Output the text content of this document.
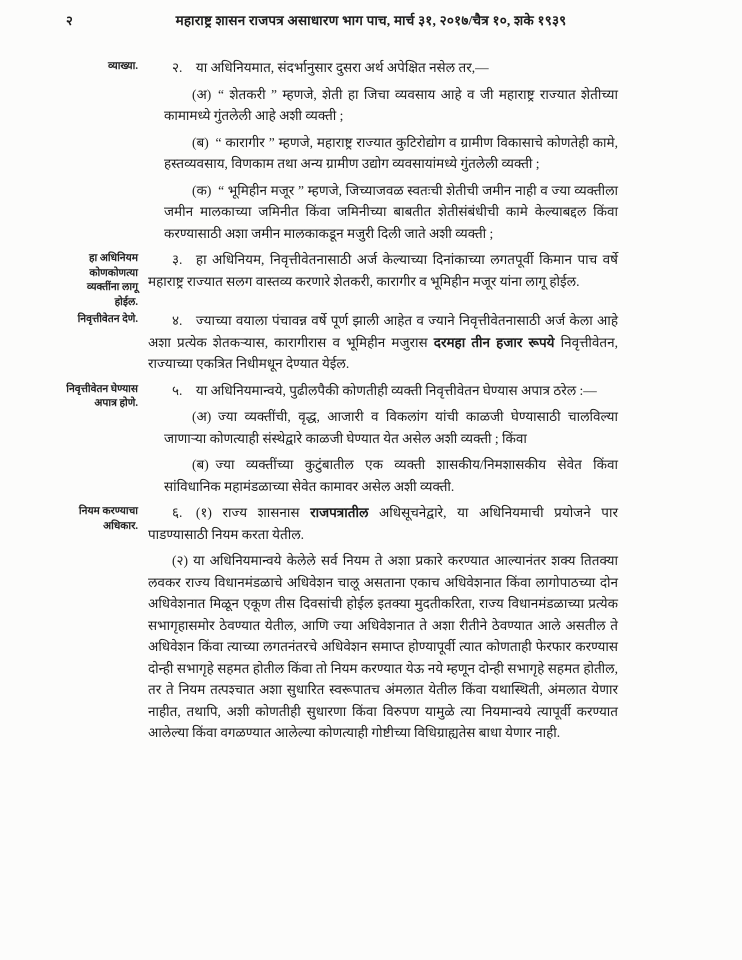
२	महाराष्ट्र शासन राजपत्र असाधारण भाग पाच, मार्च ३१, २०१७/चैत्र १०, शके १९३९
व्याख्या.	२. या अधिनियमात, संदर्भानुसार दुसरा अर्थ अपेक्षित नसेल तर,—
(अ) “ शेतकरी ” म्हणजे, शेती हा जिचा व्यवसाय आहे व जी महाराष्ट्र राज्यात शेतीच्या कामामध्ये गुंतलेली आहे अशी व्यक्ती ;
(ब) “ कारागीर ” म्हणजे, महाराष्ट्र राज्यात कुटिरोद्योग व ग्रामीण विकासाचे कोणतेही कामे, हस्तव्यवसाय, विणकाम तथा अन्य ग्रामीण उद्योग व्यवसायांमध्ये गुंतलेली व्यक्ती ;
(क) “ भूमिहीन मजूर ” म्हणजे, जिच्याजवळ स्वतःची शेतीची जमीन नाही व ज्या व्यक्तीला जमीन मालकाच्या जमिनीत किंवा जमिनीच्या बाबतीत शेतीसंबंधीची कामे केल्याबद्दल किंवा करण्यासाठी अशा जमीन मालकाकडून मजुरी दिली जाते अशी व्यक्ती ;
हा अधिनियम कोणकोणत्या व्यक्तींना लागू होईल.
३. हा अधिनियम, निवृत्तीवेतनासाठी अर्ज केल्याच्या दिनांकाच्या लगतपूर्वी किमान पाच वर्षे महाराष्ट्र राज्यात सलग वास्तव्य करणारे शेतकरी, कारागीर व भूमिहीन मजूर यांना लागू होईल.
निवृत्तीवेतन देणे.	४. ज्याच्या वयाला पंचावन्न वर्षे पूर्ण झाली आहेत व ज्याने निवृत्तीवेतनासाठी अर्ज केला आहे अशा प्रत्येक शेतकऱ्यास, कारागीरास व भूमिहीन मजुरास दरमहा तीन हजार रूपये निवृत्तीवेतन, राज्याच्या एकत्रित निधीमधून देण्यात येईल.
निवृत्तीवेतन घेण्यास अपात्र होणे.
५. या अधिनियमान्वये, पुढीलपैकी कोणतीही व्यक्ती निवृत्तीवेतन घेण्यास अपात्र ठरेल :—
(अ) ज्या व्यक्तींची, वृद्ध, आजारी व विकलांग यांची काळजी घेण्यासाठी चालविल्या जाणाऱ्या कोणत्याही संस्थेद्वारे काळजी घेण्यात येत असेल अशी व्यक्ती ; किंवा
(ब) ज्या व्यक्तींच्या कुटुंबातील एक व्यक्ती शासकीय/निमशासकीय सेवेत किंवा सांविधानिक महामंडळाच्या सेवेत कामावर असेल अशी व्यक्ती.
नियम करण्याचा अधिकार.
६. (१) राज्य शासनास राजपत्रातील अधिसूचनेद्वारे, या अधिनियमाची प्रयोजने पार पाडण्यासाठी नियम करता येतील.
(२) या अधिनियमान्वये केलेले सर्व नियम ते अशा प्रकारे करण्यात आल्यानंतर शक्य तितक्या लवकर राज्य विधानमंडळाचे अधिवेशन चालू असताना एकाच अधिवेशनात किंवा लागोपाठच्या दोन अधिवेशनात मिळून एकूण तीस दिवसांची होईल इतक्या मुदतीकरिता, राज्य विधानमंडळाच्या प्रत्येक सभागृहासमोर ठेवण्यात येतील, आणि ज्या अधिवेशनात ते अशा रीतीने ठेवण्यात आले असतील ते अधिवेशन किंवा त्याच्या लगतनंतरचे अधिवेशन समाप्त होण्यापूर्वी त्यात कोणताही फेरफार करण्यास दोन्ही सभागृहे सहमत होतील किंवा तो नियम करण्यात येऊ नये म्हणून दोन्ही सभागृहे सहमत होतील, तर ते नियम तत्पश्चात अशा सुधारित स्वरूपातच अंमलात येतील किंवा यथास्थिती, अंमलात येणार नाहीत, तथापि, अशी कोणतीही सुधारणा किंवा विरुपण यामुळे त्या नियमान्वये त्यापूर्वी करण्यात आलेल्या किंवा वगळण्यात आलेल्या कोणत्याही गोष्टीच्या विधिग्राह्यतेस बाधा येणार नाही.
